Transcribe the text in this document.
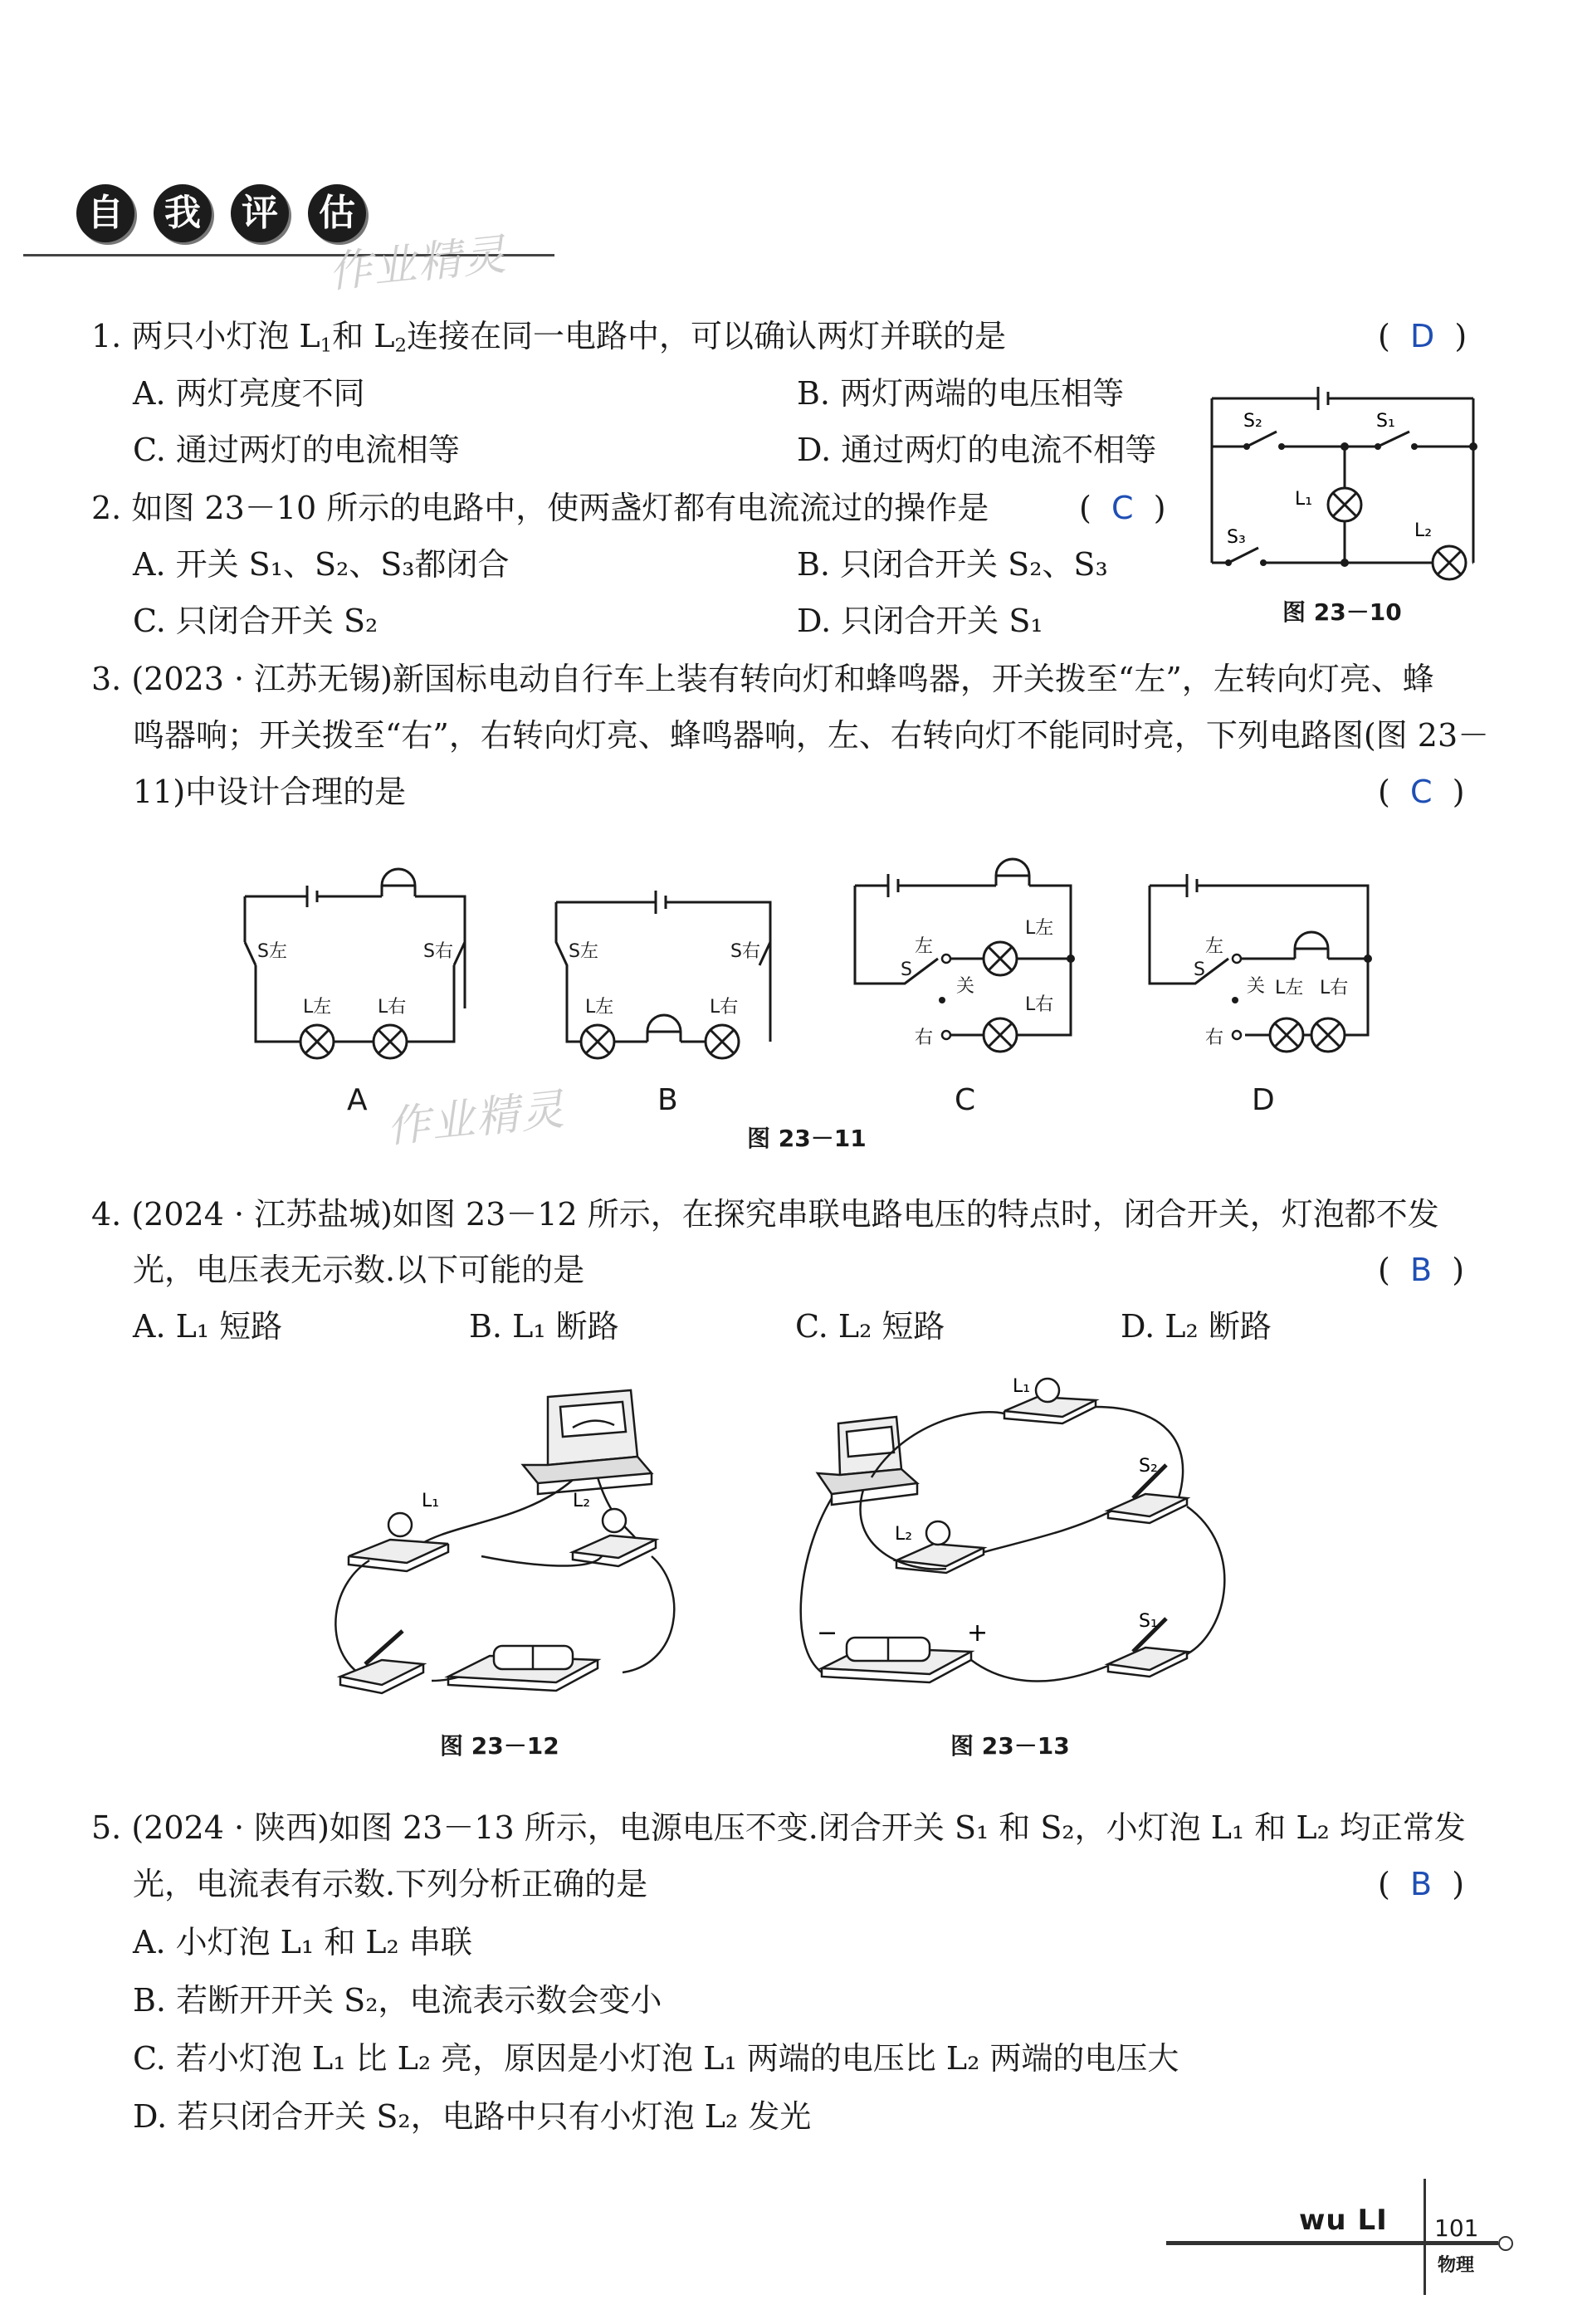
自 我 评 估
作业精灵
1. 两只小灯泡 $L_1$和 $L_2$连接在同一电路中，可以确认两灯并联的是	(  D  )
A. 两灯亮度不同	B. 两灯两端的电压相等
C. 通过两灯的电流相等	D. 通过两灯的电流不相等
2. 如图 23－10 所示的电路中，使两盏灯都有电流流过的操作是	(  C  )
A. 开关 S₁、S₂、S₃都闭合	B. 只闭合开关 S₂、S₃
C. 只闭合开关 S₂	D. 只闭合开关 S₁
S₂	S₁
L₁
S₃	L₂
图 23－10
3. (2023 · 江苏无锡)新国标电动自行车上装有转向灯和蜂鸣器，开关拨至“左”，左转向灯亮、蜂
鸣器响；开关拨至“右”，右转向灯亮、蜂鸣器响，左、右转向灯不能同时亮，下列电路图(图 23－
11)中设计合理的是	(  C  )
S左	S右
L左	L右
S左	S右
L左	L右
L左
L右
左
S
关
右
左
S
关 L左 L右
右
A	B	C	D
作业精灵	图 23－11
4. (2024 · 江苏盐城)如图 23－12 所示，在探究串联电路电压的特点时，闭合开关，灯泡都不发
光，电压表无示数.以下可能的是	(  B  )
A. L₁ 短路	B. L₁ 断路	C. L₂ 短路	D. L₂ 断路
L₁	L₂
图 23－12
L₁
L₂
S₂
S₁
−	+
图 23－13
5. (2024 · 陕西)如图 23－13 所示，电源电压不变.闭合开关 S₁ 和 S₂，小灯泡 L₁ 和 L₂ 均正常发
光，电流表有示数.下列分析正确的是	(  B  )
A. 小灯泡 L₁ 和 L₂ 串联
B. 若断开开关 S₂，电流表示数会变小
C. 若小灯泡 L₁ 比 L₂ 亮，原因是小灯泡 L₁ 两端的电压比 L₂ 两端的电压大
D. 若只闭合开关 S₂，电路中只有小灯泡 L₂ 发光
wu LI 101
物理
